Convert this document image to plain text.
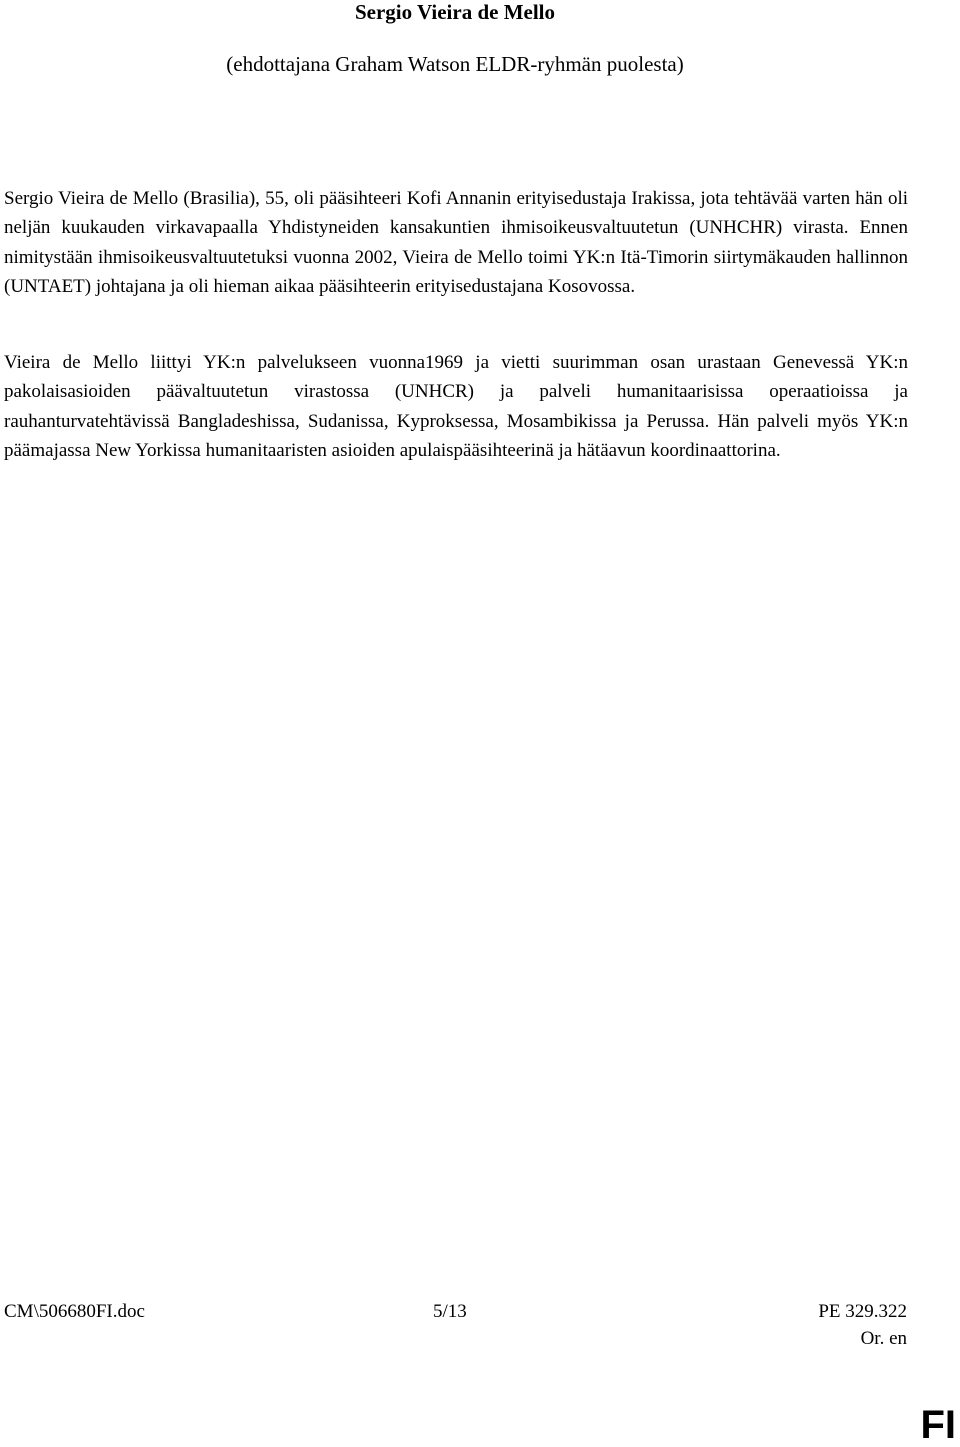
Sergio Vieira de Mello
(ehdottajana Graham Watson ELDR-ryhmän puolesta)

Sergio Vieira de Mello (Brasilia), 55, oli pääsihteeri Kofi Annanin erityisedustaja Irakissa, jota tehtävää varten hän oli neljän kuukauden virkavapaalla Yhdistyneiden kansakuntien ihmisoikeusvaltuutetun (UNHCHR) virasta. Ennen nimitystään ihmisoikeusvaltuutetuksi vuonna 2002, Vieira de Mello toimi YK:n Itä-Timorin siirtymäkauden hallinnon (UNTAET) johtajana ja oli hieman aikaa pääsihteerin erityisedustajana Kosovossa.

Vieira de Mello liittyi YK:n palvelukseen vuonna1969 ja vietti suurimman osan urastaan Genevessä YK:n pakolaisasioiden päävaltuutetun virastossa (UNHCR) ja palveli humanitaarisissa operaatioissa ja rauhanturvatehtävissä Bangladeshissa, Sudanissa, Kyproksessa, Mosambikissa ja Perussa. Hän palveli myös YK:n päämajassa New Yorkissa humanitaaristen asioiden apulaispääsihteerinä ja hätäavun koordinaattorina.

CM\506680FI.doc	5/13	PE 329.322
Or. en
FI
